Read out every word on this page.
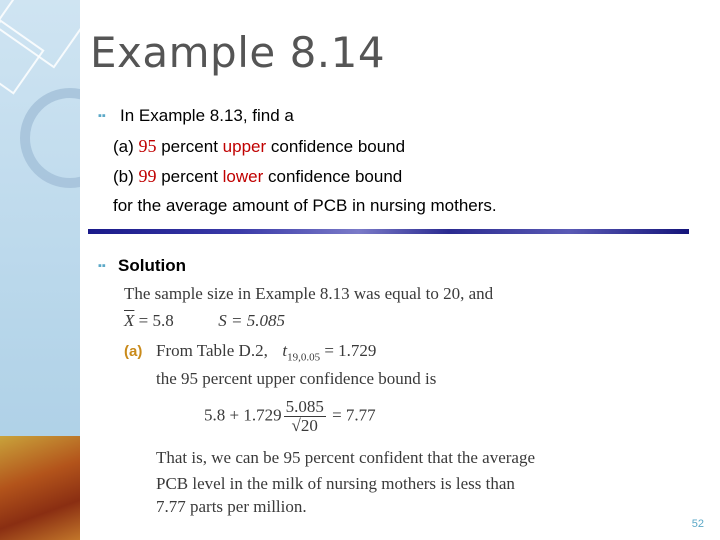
Example 8.14
▪▪ In Example 8.13, find a
(a) 95 percent upper confidence bound
(b) 99 percent lower confidence bound
for the average amount of PCB in nursing mothers.
▪▪ Solution
The sample size in Example 8.13 was equal to 20, and
$\overline{X} = 5.8$	S = 5.085
(a) From Table D.2, $t_{19,0.05} = 1.729$
the 95 percent upper confidence bound is
$5.8 + 1.729 \frac{5.085}{√20} = 7.77$
That is, we can be 95 percent confident that the average
PCB level in the milk of nursing mothers is less than
7.77 parts per million.
52
